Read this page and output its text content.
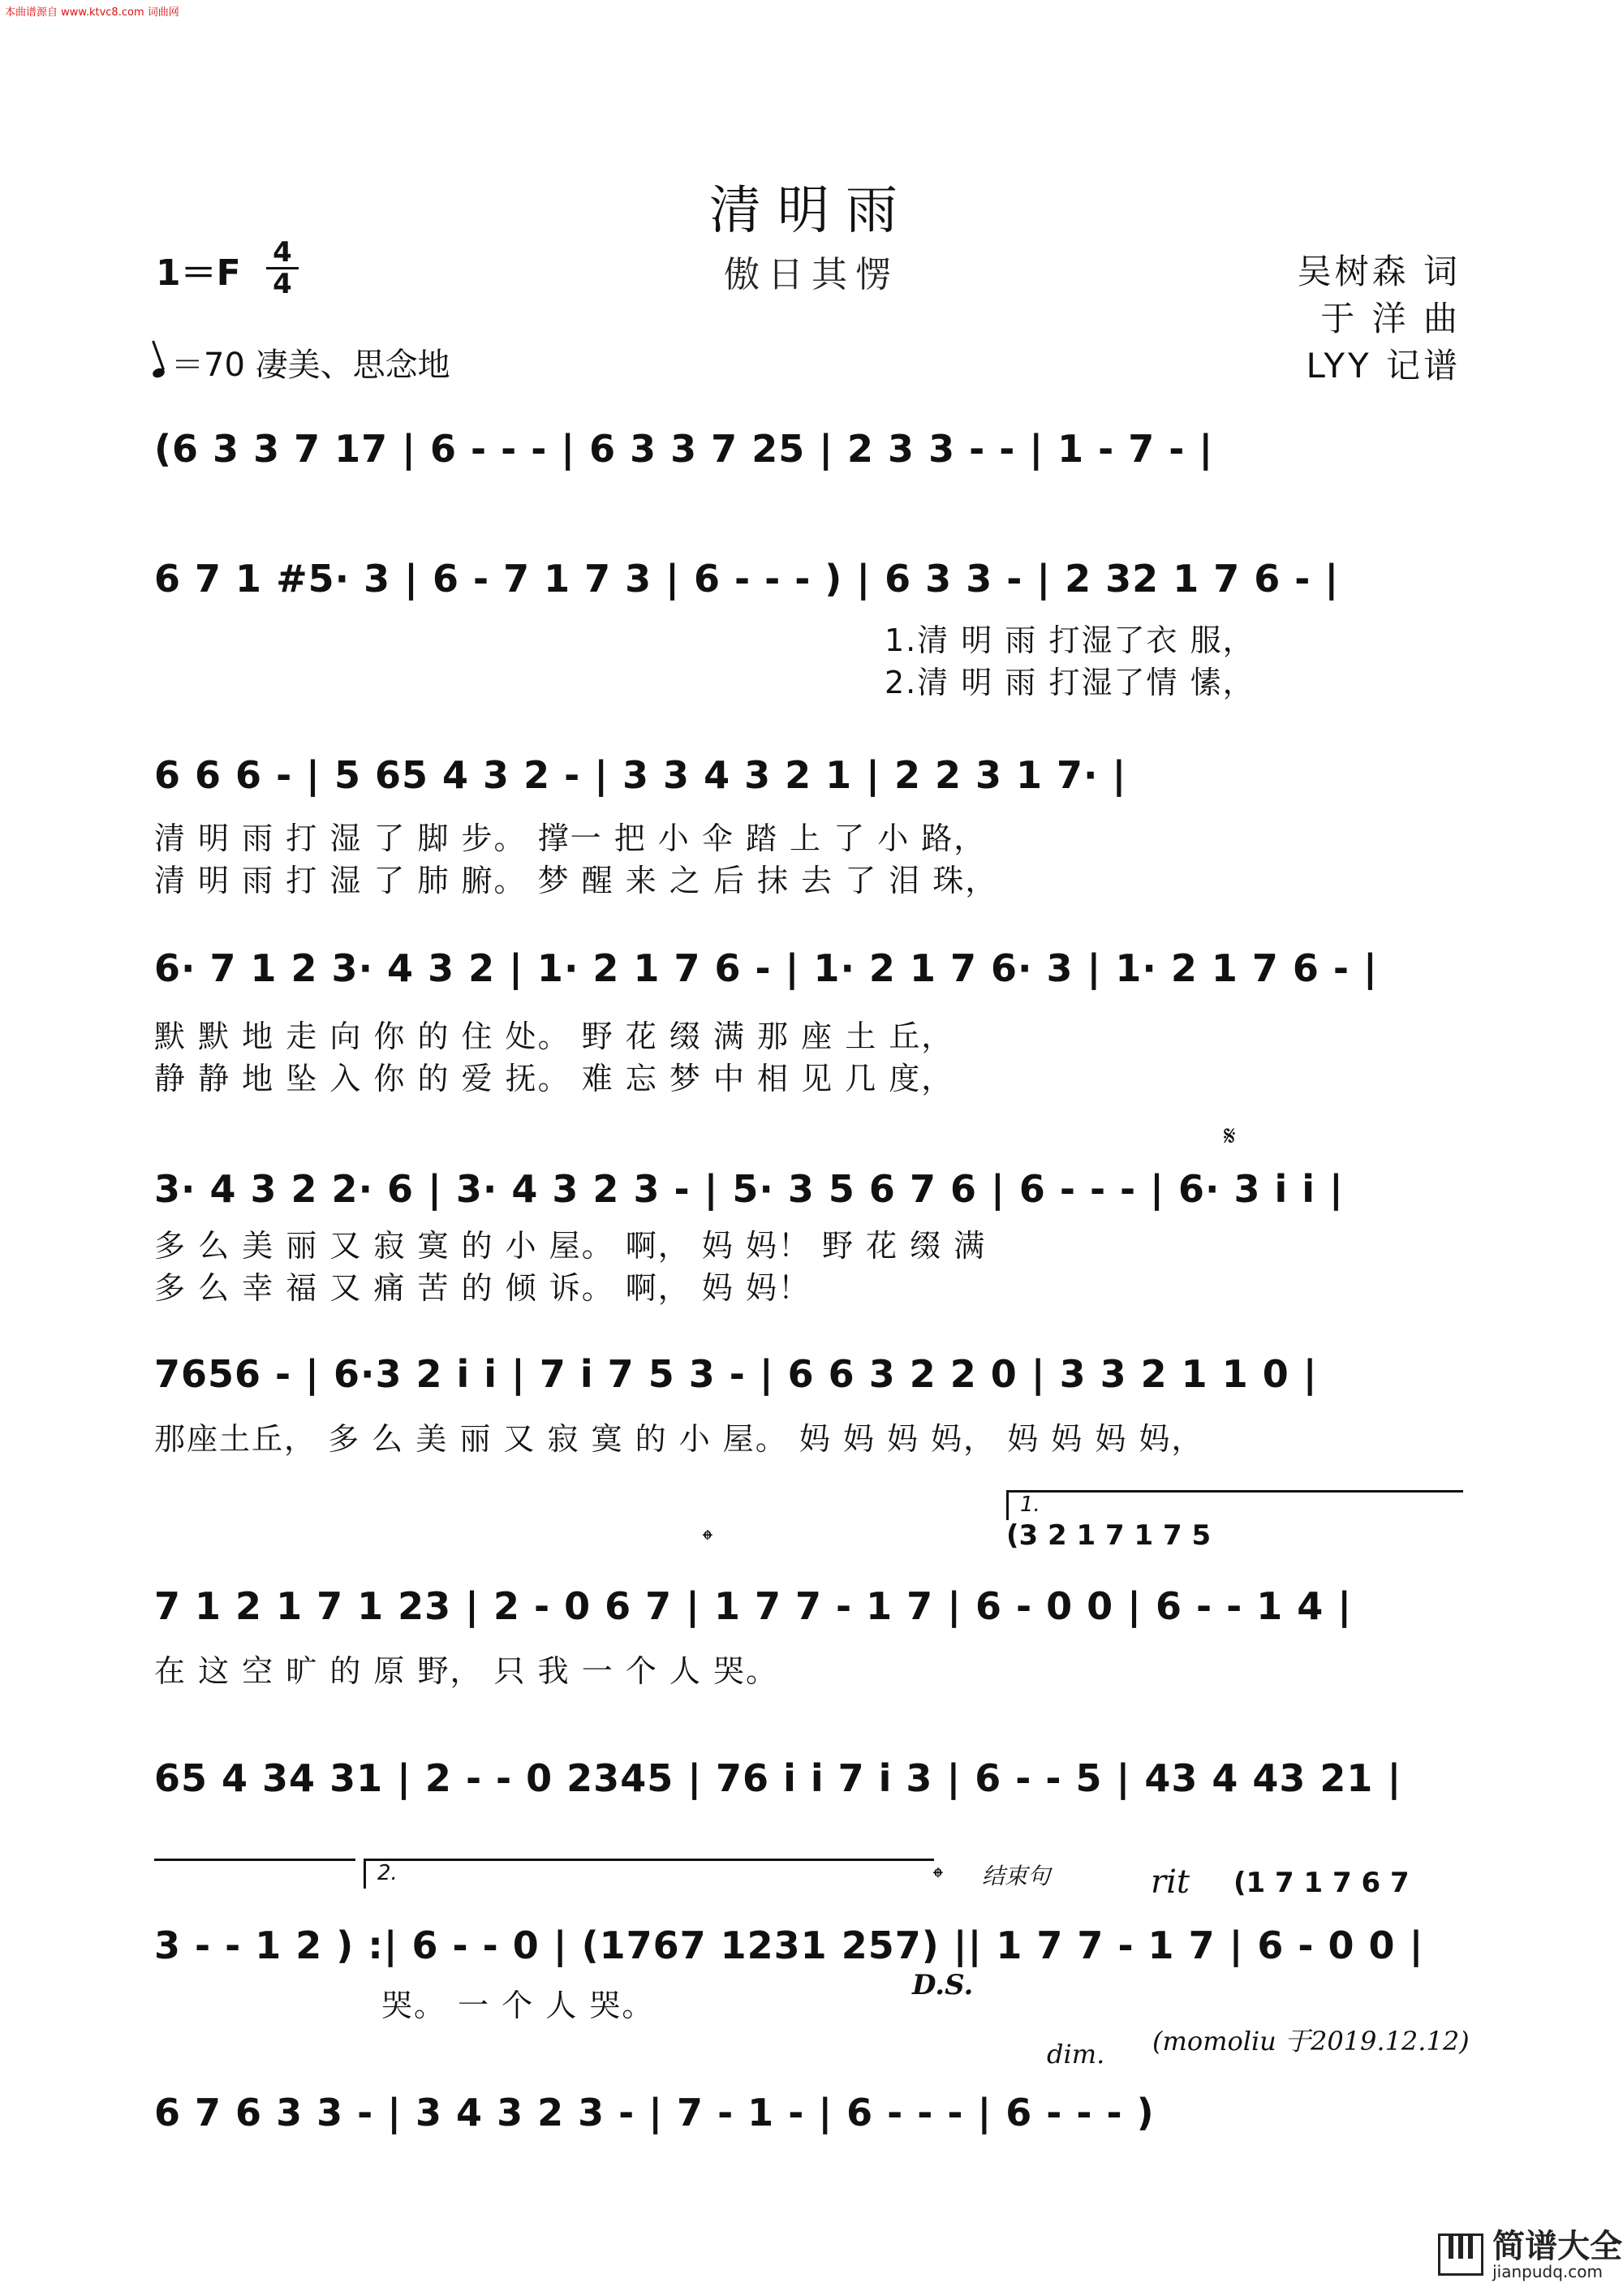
本曲谱源自 www.ktvc8.com 词曲网
清明雨
傲日其愣
1＝F 4
4
＝70 凄美、思念地
吴树森 词
于 洋 曲
LYY 记谱
(6 3 3 7 17 | 6 - - - | 6 3 3 7 25 | 2 3 3 - - | 1 - 7 - |
6 7 1 #5· 3 | 6 - 7 1 7 3 | 6 - - - ) | 6 3 3 - | 2 32 1 7 6 - |
1.清 明 雨 打湿了衣 服，
2.清 明 雨 打湿了情 愫，
6 6 6 - | 5 65 4 3 2 - | 3 3 4 3 2 1 | 2 2 3 1 7· |
清 明 雨 打 湿 了 脚 步。 撑一 把 小 伞 踏 上 了 小 路，
清 明 雨 打 湿 了 肺 腑。 梦 醒 来 之 后 抹 去 了 泪 珠，
6· 7 1 2 3· 4 3 2 | 1· 2 1 7 6 - | 1· 2 1 7 6· 3 | 1· 2 1 7 6 - |
默 默 地 走 向 你 的 住 处。 野 花 缀 满 那 座 土 丘，
静 静 地 坠 入 你 的 爱 抚。 难 忘 梦 中 相 见 几 度，
𝄋
3· 4 3 2 2· 6 | 3· 4 3 2 3 - | 5· 3 5 6 7 6 | 6 - - - | 6· 3 i i |
多 么 美 丽 又 寂 寞 的 小 屋。 啊， 妈 妈！ 野 花 缀 满
多 么 幸 福 又 痛 苦 的 倾 诉。 啊， 妈 妈！
7656 - | 6·3 2 i i | 7 i 7 5 3 - | 6 6 3 2 2 0 | 3 3 2 1 1 0 |
那座土丘， 多 么 美 丽 又 寂 寞 的 小 屋。 妈 妈 妈 妈， 妈 妈 妈 妈，
1.
𝄌	(3 2 1 7 1 7 5
7 1 2 1 7 1 23 | 2 - 0 6 7 | 1 7 7 - 1 7 | 6 - 0 0 | 6 - - 1 4 |
在 这 空 旷 的 原 野， 只 我 一 个 人 哭。
65 4 34 31 | 2 - - 0 2345 | 76 i i 7 i 3 | 6 - - 5 | 43 4 43 21 |
2.	𝄌 结束句	rit (1 7 1 7 6 7
3 - - 1 2 ) :| 6 - - 0 | (1767 1231 257) || 1 7 7 - 1 7 | 6 - 0 0 |
哭。 一 个 人 哭。
D.S.
(momoliu 于2019.12.12)
dim.
6 7 6 3 3 - | 3 4 3 2 3 - | 7 - 1 - | 6 - - - | 6 - - - )

简谱大全
jianpudq.com
